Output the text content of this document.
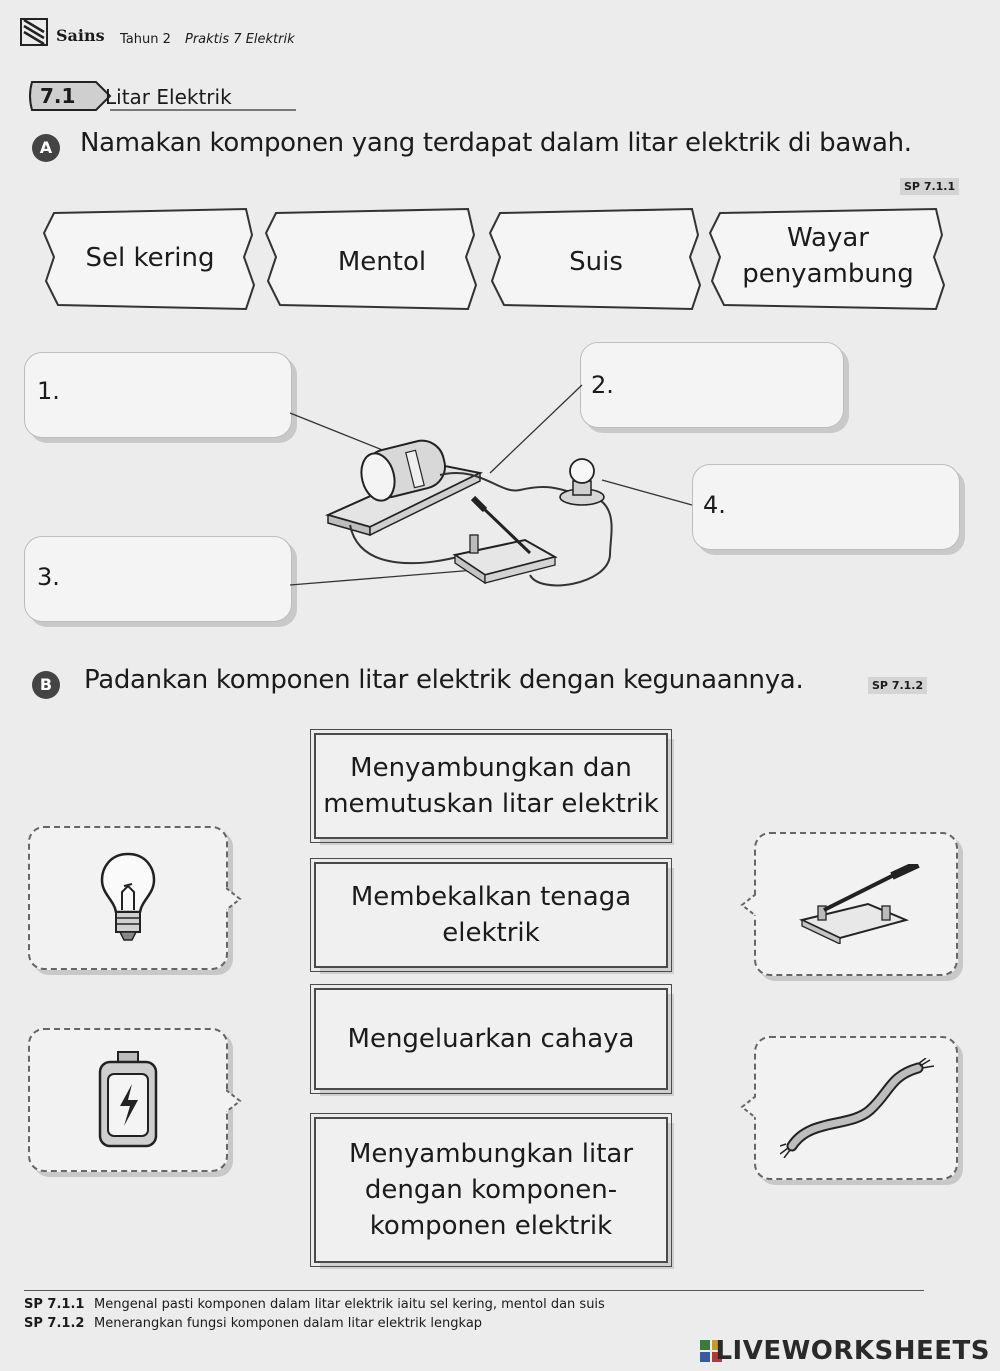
Sains Tahun 2 Praktis 7 Elektrik
7.1 Litar Elektrik
A	Namakan komponen yang terdapat dalam litar elektrik di bawah.
SP 7.1.1
Sel kering	Mentol	Suis
Wayar
penyambung
1.	2.
3.
4.
B	Padankan komponen litar elektrik dengan kegunaannya.	SP 7.1.2
Menyambungkan dan
memutuskan litar elektrik
Membekalkan tenaga
elektrik
Mengeluarkan cahaya
Menyambungkan litar
dengan komponen-
komponen elektrik
SP 7.1.1 Mengenal pasti komponen dalam litar elektrik iaitu sel kering, mentol dan suis
SP 7.1.2 Menerangkan fungsi komponen dalam litar elektrik lengkap
LIVEWORKSHEETS
